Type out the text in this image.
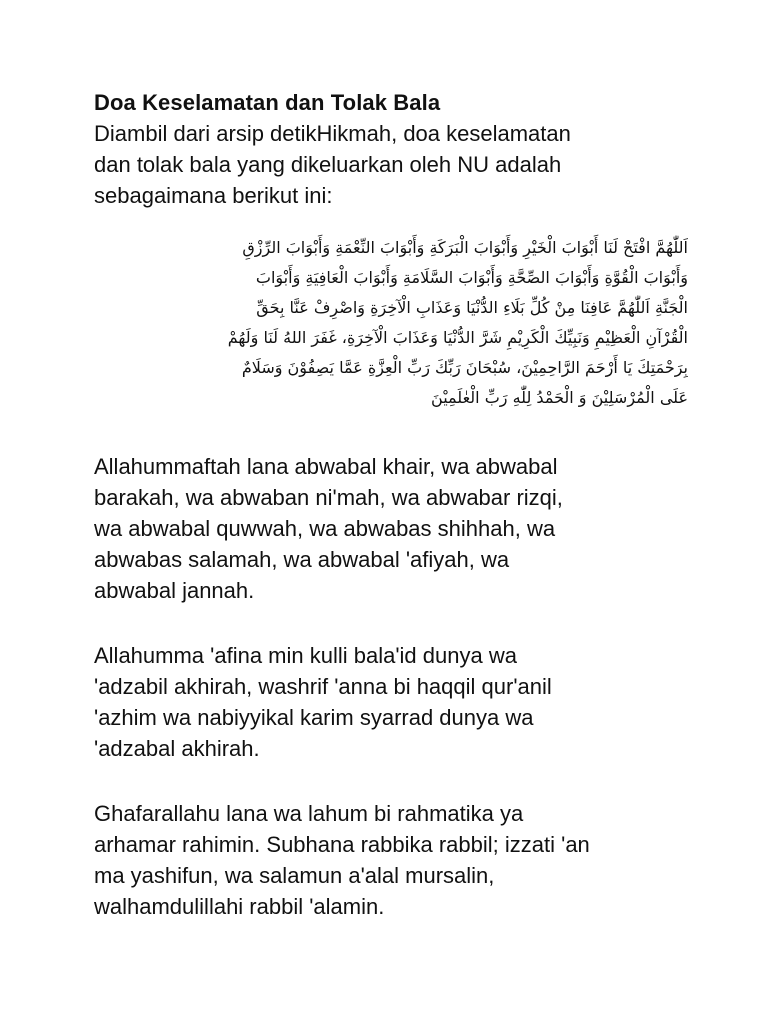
Doa Keselamatan dan Tolak Bala

Diambil dari arsip detikHikmah, doa keselamatan
dan tolak bala yang dikeluarkan oleh NU adalah
sebagaimana berikut ini:

اَللّٰهُمَّ افْتَحْ لَنَا أَبْوَابَ الْخَيْرِ وَأَبْوَابَ الْبَرَكَةِ وَأَبْوَابَ النِّعْمَةِ وَأَبْوَابَ الرِّزْقِ
وَأَبْوَابَ الْقُوَّةِ وَأَبْوَابَ الصِّحَّةِ وَأَبْوَابَ السَّلَامَةِ وَأَبْوَابَ الْعَافِيَةِ وَأَبْوَابَ
الْجَنَّةِ اَللّٰهُمَّ عَافِنَا مِنْ كُلِّ بَلَاءِ الدُّنْيَا وَعَذَابِ الْآخِرَةِ وَاصْرِفْ عَنَّا بِحَقِّ
الْقُرْآنِ الْعَظِيْمِ وَنَبِيِّكَ الْكَرِيْمِ شَرَّ الدُّنْيَا وَعَذَابَ الْآخِرَةِ، غَفَرَ اللهُ لَنَا وَلَهُمْ
بِرَحْمَتِكَ يَا أَرْحَمَ الرَّاحِمِيْنَ، سُبْحَانَ رَبِّكَ رَبِّ الْعِزَّةِ عَمَّا يَصِفُوْنَ وَسَلَامٌ
عَلَى الْمُرْسَلِيْنَ وَ الْحَمْدُ لِلّٰهِ رَبِّ الْعٰلَمِيْنَ

Allahummaftah lana abwabal khair, wa abwabal
barakah, wa abwaban ni'mah, wa abwabar rizqi,
wa abwabal quwwah, wa abwabas shihhah, wa
abwabas salamah, wa abwabal 'afiyah, wa
abwabal jannah.

Allahumma 'afina min kulli bala'id dunya wa
'adzabil akhirah, washrif 'anna bi haqqil qur'anil
'azhim wa nabiyyikal karim syarrad dunya wa
'adzabal akhirah.

Ghafarallahu lana wa lahum bi rahmatika ya
arhamar rahimin. Subhana rabbika rabbil; izzati 'an
ma yashifun, wa salamun a'alal mursalin,
walhamdulillahi rabbil 'alamin.
